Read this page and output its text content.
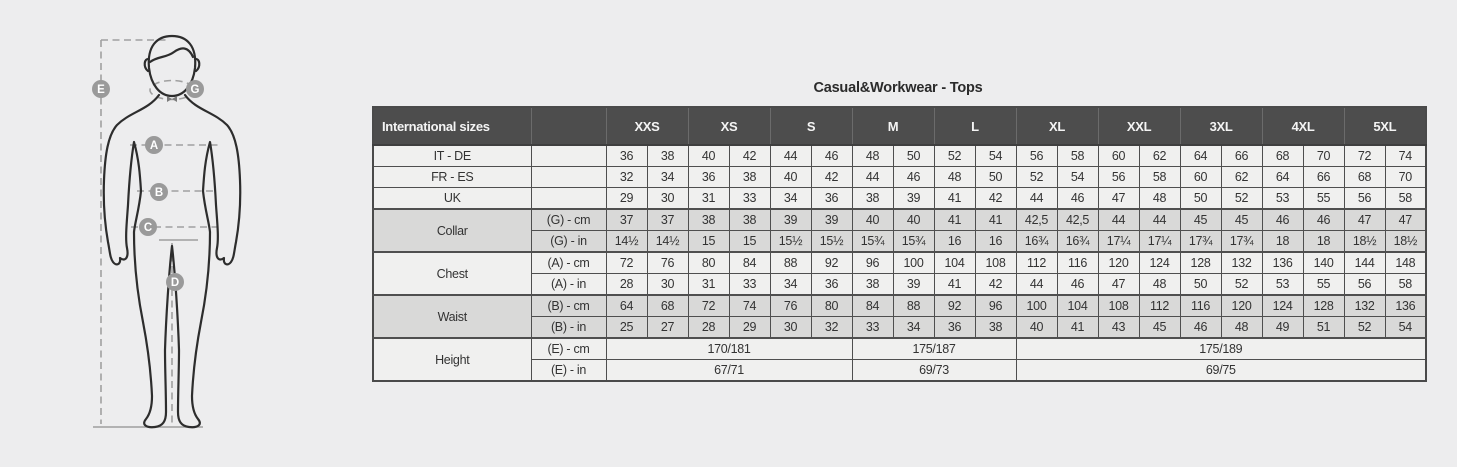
E	G
A
B
C
D
Casual&Workwear - Tops
International sizes		XXS		XS		S		M		L		XL		XXL		3XL		4XL		5XL	
IT - DE		36	38	40	42	44	46	48	50	52	54	56	58	60	62	64	66	68	70	72	74
FR - ES		32	34	36	38	40	42	44	46	48	50	52	54	56	58	60	62	64	66	68	70
UK		29	30	31	33	34	36	38	39	41	42	44	46	47	48	50	52	53	55	56	58
Collar	(G) - cm	37	37	38	38	39	39	40	40	41	41	42,5	42,5	44	44	45	45	46	46	47	47
	(G) - in	14½	14½	15	15	15½	15½	15¾	15¾	16	16	16¾	16¾	17¼	17¼	17¾	17¾	18	18	18½	18½
Chest	(A) - cm	72	76	80	84	88	92	96	100	104	108	112	116	120	124	128	132	136	140	144	148
	(A) - in	28	30	31	33	34	36	38	39	41	42	44	46	47	48	50	52	53	55	56	58
Waist	(B) - cm	64	68	72	74	76	80	84	88	92	96	100	104	108	112	116	120	124	128	132	136
	(B) - in	25	27	28	29	30	32	33	34	36	38	40	41	43	45	46	48	49	51	52	54
Height	(E) - cm	170/181						175/187				175/189									
	(E) - in	67/71						69/73				69/75									
